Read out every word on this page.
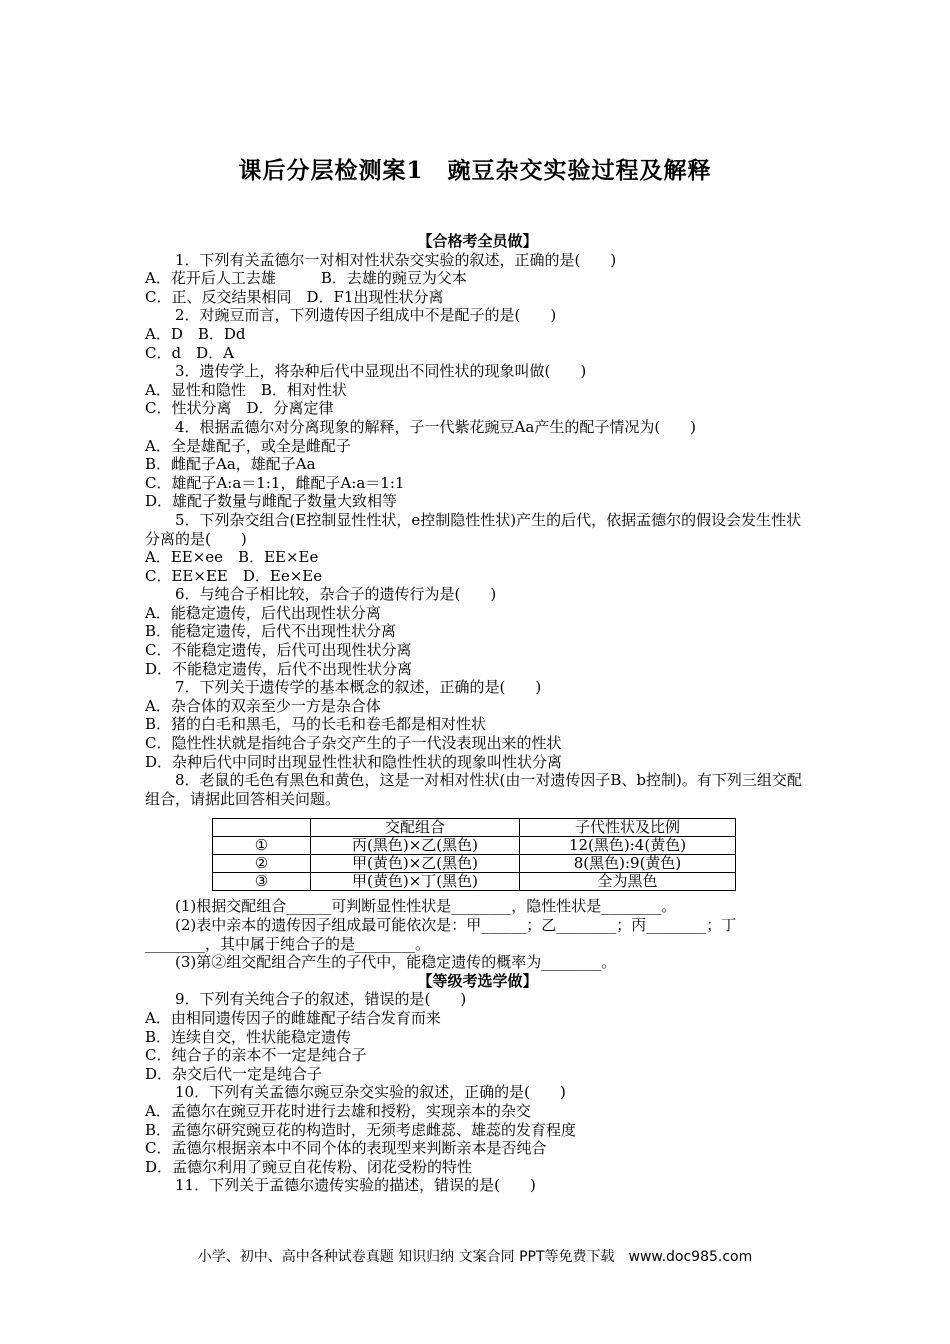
课后分层检测案1　豌豆杂交实验过程及解释
【合格考全员做】
1．下列有关孟德尔一对相对性状杂交实验的叙述，正确的是(　　)
A．花开后人工去雄　　　B．去雄的豌豆为父本
C．正、反交结果相同　D．F1出现性状分离
2．对豌豆而言，下列遗传因子组成中不是配子的是(　　)
A．D　B．Dd
C．d　D．A
3．遗传学上，将杂种后代中显现出不同性状的现象叫做(　　)
A．显性和隐性　B．相对性状
C．性状分离　D．分离定律
4．根据孟德尔对分离现象的解释，子一代紫花豌豆Aa产生的配子情况为(　　)
A．全是雄配子，或全是雌配子
B．雌配子Aa，雄配子Aa
C．雄配子A:a＝1:1，雌配子A:a＝1:1
D．雄配子数量与雌配子数量大致相等
5．下列杂交组合(E控制显性性状，e控制隐性性状)产生的后代，依据孟德尔的假设会发生性状分离的是(　　)
A．EE×ee　B．EE×Ee
C．EE×EE　D．Ee×Ee
6．与纯合子相比较，杂合子的遗传行为是(　　)
A．能稳定遗传，后代出现性状分离
B．能稳定遗传，后代不出现性状分离
C．不能稳定遗传，后代可出现性状分离
D．不能稳定遗传，后代不出现性状分离
7．下列关于遗传学的基本概念的叙述，正确的是(　　)
A．杂合体的双亲至少一方是杂合体
B．猪的白毛和黑毛，马的长毛和卷毛都是相对性状
C．隐性性状就是指纯合子杂交产生的子一代没表现出来的性状
D．杂种后代中同时出现显性性状和隐性性状的现象叫性状分离
8．老鼠的毛色有黑色和黄色，这是一对相对性状(由一对遗传因子B、b控制)。有下列三组交配组合，请据此回答相关问题。
	交配组合	子代性状及比例
①	丙(黑色)×乙(黑色)	12(黑色):4(黄色)
②	甲(黄色)×乙(黑色)	8(黑色):9(黄色)
③	甲(黄色)×丁(黑色)	全为黑色
(1)根据交配组合______可判断显性性状是________，隐性性状是________。
(2)表中亲本的遗传因子组成最可能依次是：甲______；乙________；丙________；丁________，其中属于纯合子的是________。
(3)第②组交配组合产生的子代中，能稳定遗传的概率为________。
【等级考选学做】
9．下列有关纯合子的叙述，错误的是(　　)
A．由相同遗传因子的雌雄配子结合发育而来
B．连续自交，性状能稳定遗传
C．纯合子的亲本不一定是纯合子
D．杂交后代一定是纯合子
10．下列有关孟德尔豌豆杂交实验的叙述，正确的是(　　)
A．孟德尔在豌豆开花时进行去雄和授粉，实现亲本的杂交
B．孟德尔研究豌豆花的构造时，无须考虑雌蕊、雄蕊的发育程度
C．孟德尔根据亲本中不同个体的表现型来判断亲本是否纯合
D．孟德尔利用了豌豆自花传粉、闭花受粉的特性
11．下列关于孟德尔遗传实验的描述，错误的是(　　)
小学、初中、高中各种试卷真题 知识归纳 文案合同 PPT等免费下载　www.doc985.com
